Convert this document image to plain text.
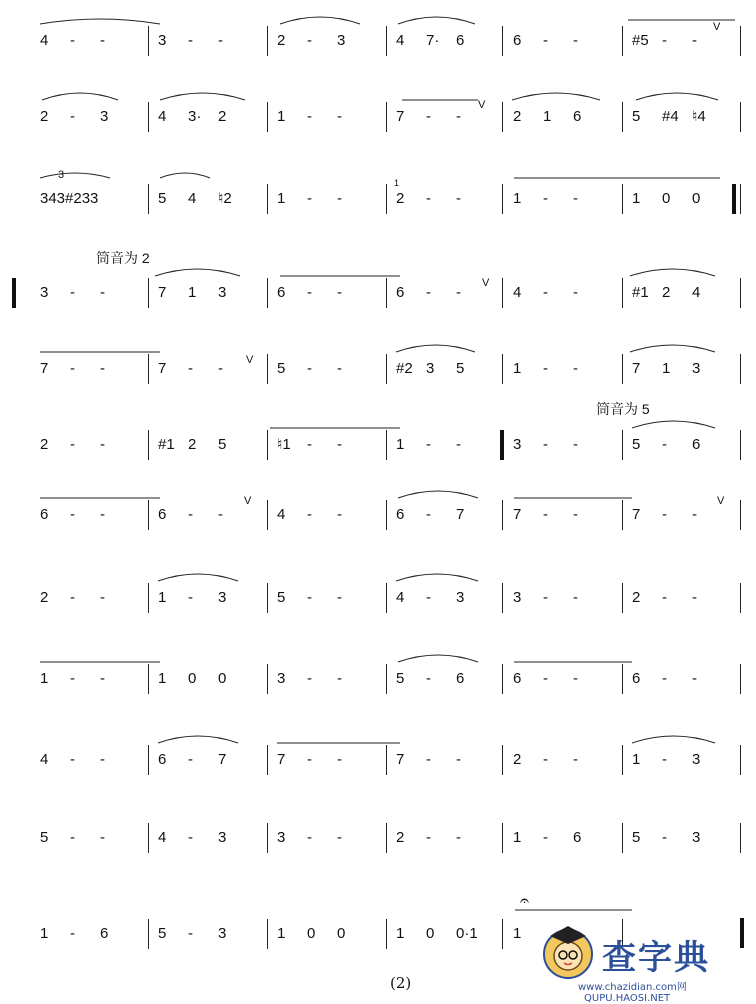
4 - -	3 - -	2 - 3	4 7· 6	6 - -	#5 - -
2 - 3	4 3· 2	1 - -	7 - -	2 1 6	5 #4 ♮4
343#23 3	5 4 ♮2	1 - -	2 - -	1 - -	1 0 0
3 - -	7 1 3	6 - -	6 - -	4 - -	#1 2 4
7 - -	7 - -	5 - -	#2 3 5	1 - -	7 1 3
2 - -	#1 2 5	♮1 - -	1 - -	3 - -	5 - 6
6 - -	6 - -	4 - -	6 - 7	7 - -	7 - -
2 - -	1 - 3	5 - -	4 - 3	3 - -	2 - -
1 - -	1 0 0	3 - -	5 - 6	6 - -	6 - -
4 - -	6 - 7	7 - -	7 - -	2 - -	1 - 3
5 - -	4 - 3	3 - -	2 - -	1 - 6	5 - 3
1 - 6	5 - 3	1 0 0	1 0 0·1 1
V
V
V	V
V
V
𝄐
3
1
筒音为 2
筒音为 5
(2)
查字典
www.chazidian.com网 QUPU.HAOSI.NET
